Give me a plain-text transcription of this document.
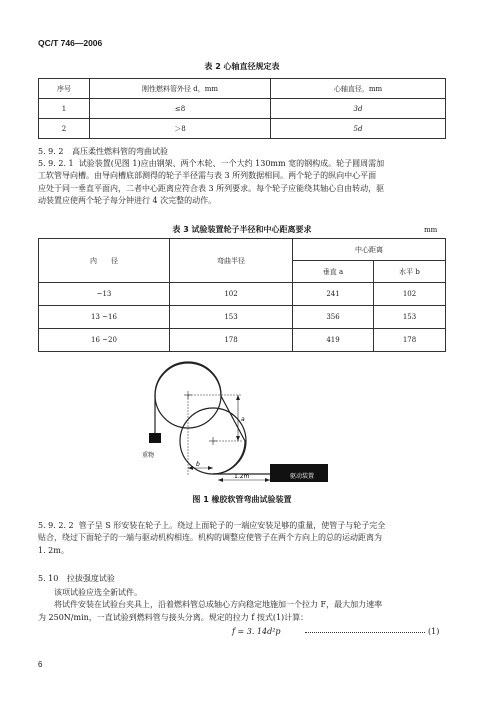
QC/T 746—2006
表 2 心轴直径规定表
序号	刚性燃料管外径 d，mm	心轴直径，mm
1	≤8	3d
2	＞8	5d
5. 9. 2 高压柔性燃料管的弯曲试验
5. 9. 2. 1 试验装置(见图 1)应由钢架、两个木轮、一个大约 130mm 宽的钢构成。轮子圆周需加
工软管导向槽。由导向槽底部测得的轮子半径需与表 3 所列数据相同。两个轮子的纵向中心平面
应处于同一垂直平面内，二者中心距离应符合表 3 所列要求。每个轮子应能绕其轴心自由转动，驱
动装置应使两个轮子每分钟进行 4 次完整的动作。
表 3 试验装置轮子半径和中心距离要求	mm
内　　径	弯曲半径	中心距离	
		垂直 a	水平 b
~13	102	241	102
13 ~16	153	356	153
16 ~20	178	419	178
重物
驱动装置
a
b
1.2m
图 1 橡胶软管弯曲试验装置
5. 9. 2. 2 管子呈 S 形安装在轮子上。绕过上面轮子的一端应安装足够的重量，使管子与轮子完全
贴合，绕过下面轮子的一端与驱动机构相连。机构的调整应使管子在两个方向上的总的运动距离为
1. 2m。
5. 10 拉拔强度试验
该项试验应选全新试件。
将试件安装在试验台夹具上，沿着燃料管总成轴心方向稳定地施加一个拉力 F，最大加力速率
为 250N/min，一直试验到燃料管与接头分离。规定的拉力 f 按式(1)计算：
f = 3. 14d²p	(1)
6
